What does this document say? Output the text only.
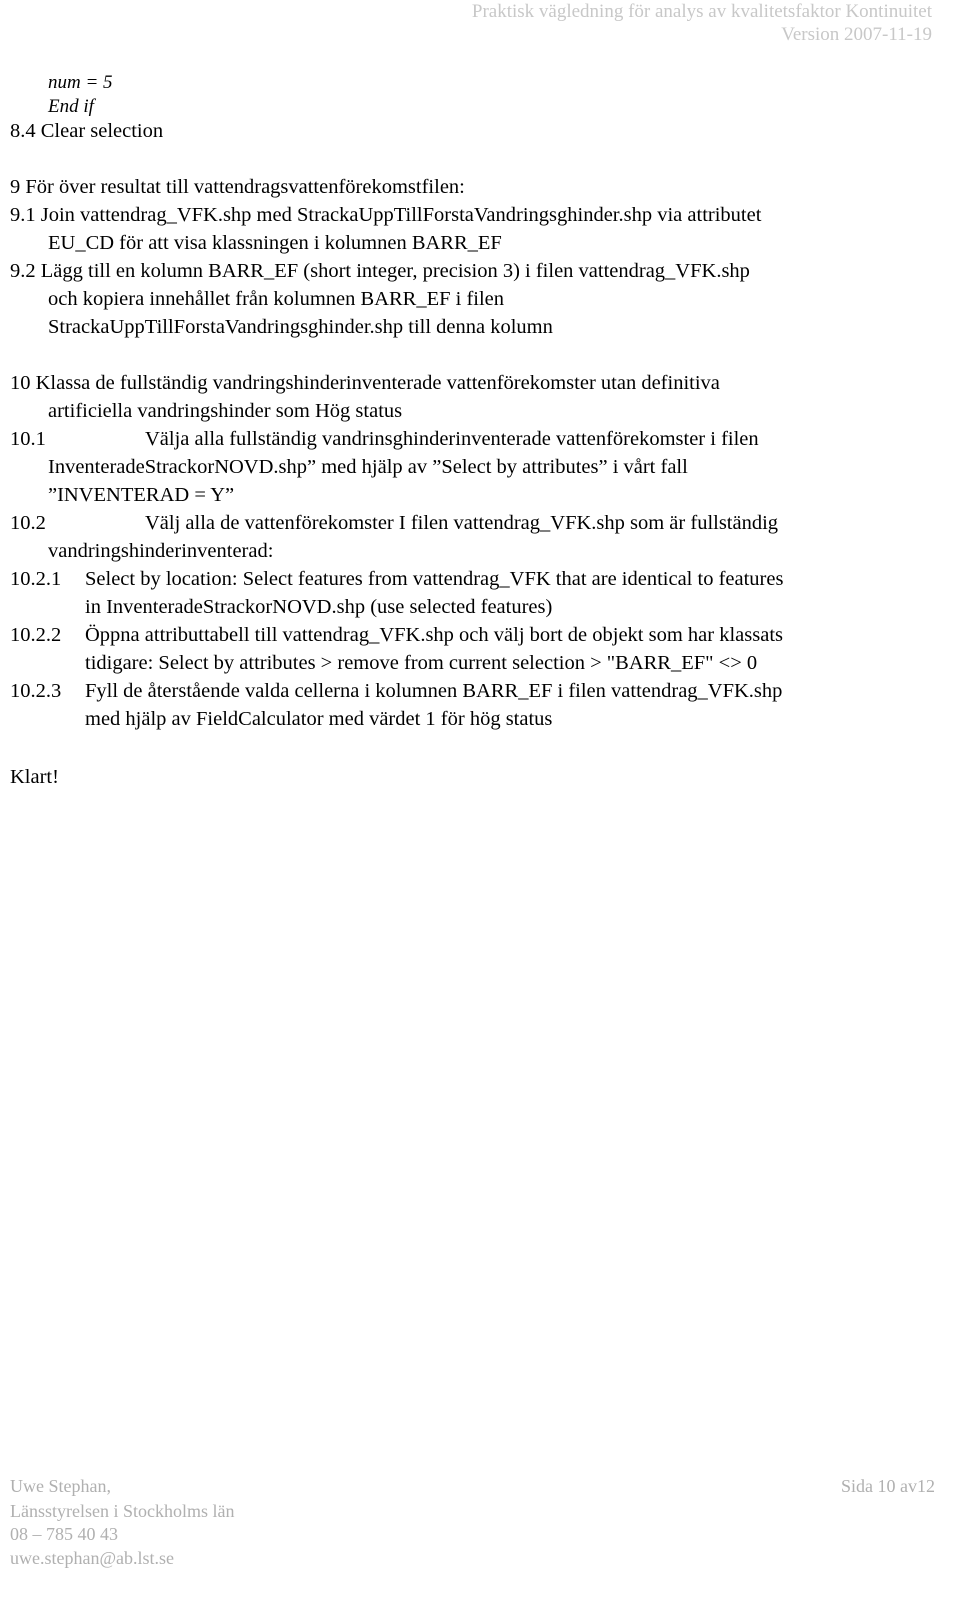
Praktisk vägledning för analys av kvalitetsfaktor Kontinuitet
Version 2007-11-19
num = 5
End if
8.4 Clear selection
9 För över resultat till vattendragsvattenförekomstfilen:
9.1 Join vattendrag_VFK.shp med StrackaUppTillForstaVandringsghinder.shp via attributet
EU_CD för att visa klassningen i kolumnen BARR_EF
9.2 Lägg till en kolumn BARR_EF (short integer, precision 3) i filen vattendrag_VFK.shp
och kopiera innehållet från kolumnen BARR_EF i filen
StrackaUppTillForstaVandringsghinder.shp till denna kolumn
10 Klassa de fullständig vandringshinderinventerade vattenförekomster utan definitiva
artificiella vandringshinder som Hög status
10.1	Välja alla fullständig vandrinsghinderinventerade vattenförekomster i filen
InventeradeStrackorNOVD.shp” med hjälp av ”Select by attributes” i vårt fall
”INVENTERAD = Y”
10.2	Välj alla de vattenförekomster I filen vattendrag_VFK.shp som är fullständig
vandringshinderinventerad:
10.2.1 Select by location: Select features from vattendrag_VFK that are identical to features
in InventeradeStrackorNOVD.shp (use selected features)
10.2.2 Öppna attributtabell till vattendrag_VFK.shp och välj bort de objekt som har klassats
tidigare: Select by attributes > remove from current selection > "BARR_EF" <> 0
10.2.3 Fyll de återstående valda cellerna i kolumnen BARR_EF i filen vattendrag_VFK.shp
med hjälp av FieldCalculator med värdet 1 för hög status
Klart!
Uwe Stephan,	Sida 10 av12
Länsstyrelsen i Stockholms län
08 – 785 40 43
uwe.stephan@ab.lst.se
